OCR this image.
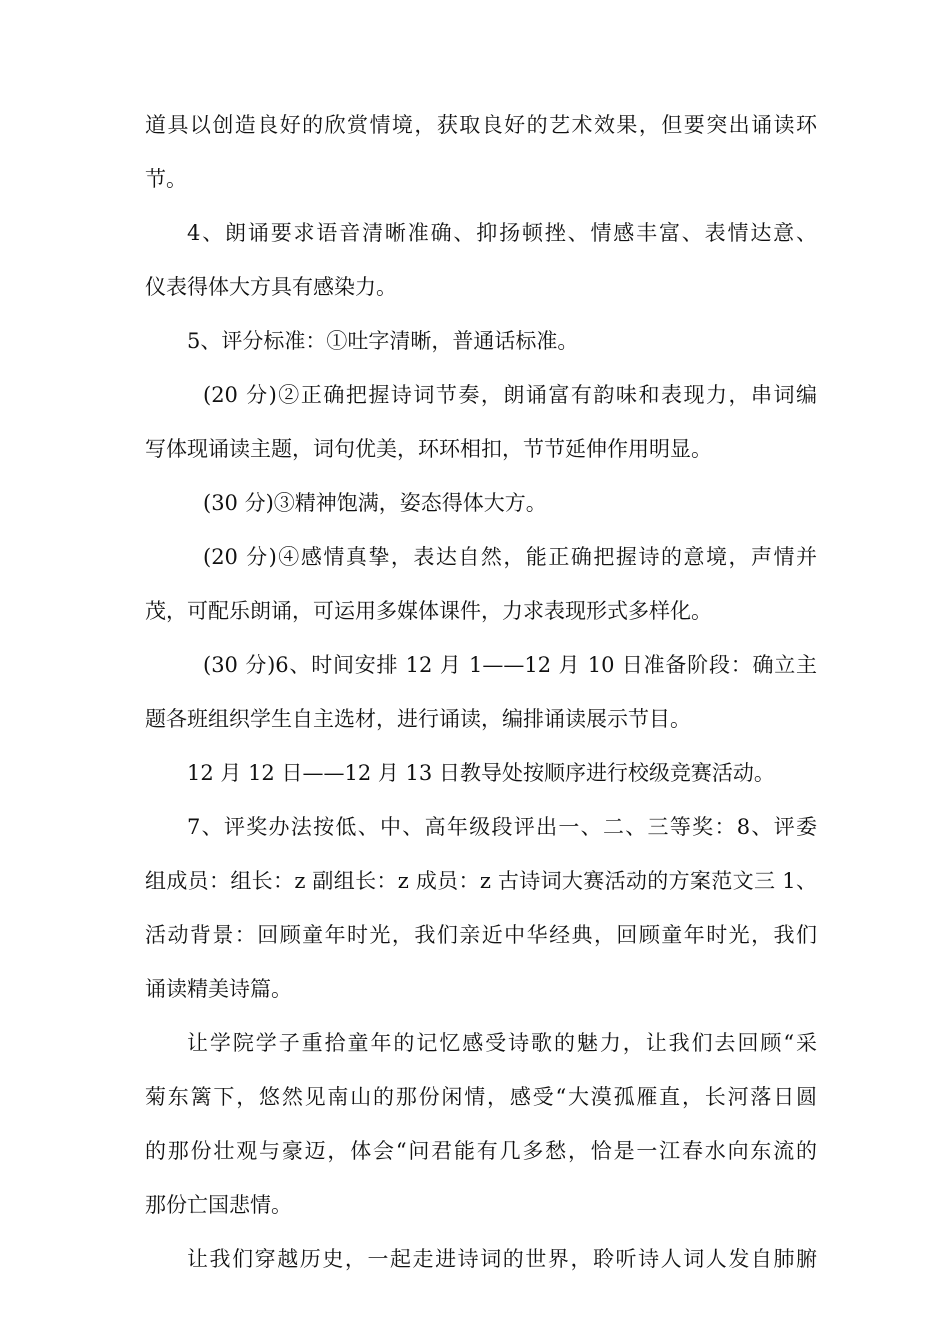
道具以创造良好的欣赏情境，获取良好的艺术效果，但要突出诵读环
节。
4、朗诵要求语音清晰准确、抑扬顿挫、情感丰富、表情达意、
仪表得体大方具有感染力。
5、评分标准：①吐字清晰，普通话标准。
(20 分)②正确把握诗词节奏，朗诵富有韵味和表现力，串词编
写体现诵读主题，词句优美，环环相扣，节节延伸作用明显。
(30 分)③精神饱满，姿态得体大方。
(20 分)④感情真挚，表达自然，能正确把握诗的意境，声情并
茂，可配乐朗诵，可运用多媒体课件，力求表现形式多样化。
(30 分)6、时间安排 12 月 1——12 月 10 日准备阶段：确立主
题各班组织学生自主选材，进行诵读，编排诵读展示节目。
12 月 12 日——12 月 13 日教导处按顺序进行校级竞赛活动。
7、评奖办法按低、中、高年级段评出一、二、三等奖：8、评委
组成员：组长：z 副组长：z 成员：z 古诗词大赛活动的方案范文三 1、
活动背景：回顾童年时光，我们亲近中华经典，回顾童年时光，我们
诵读精美诗篇。
让学院学子重拾童年的记忆感受诗歌的魅力，让我们去回顾“采
菊东篱下，悠然见南山的那份闲情，感受“大漠孤雁直，长河落日圆
的那份壮观与豪迈，体会“问君能有几多愁，恰是一江春水向东流的
那份亡国悲情。
让我们穿越历史，一起走进诗词的世界，聆听诗人词人发自肺腑
